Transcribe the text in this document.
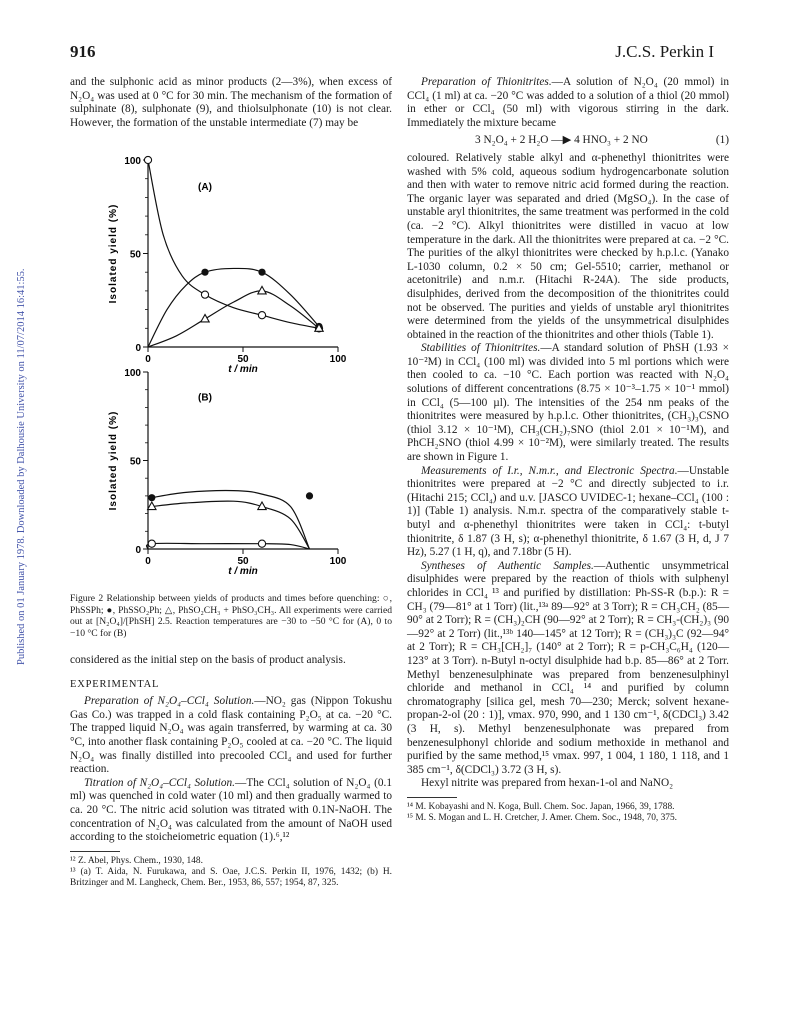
916	J.C.S. Perkin I
Published on 01 January 1978. Downloaded by Dalhousie University on 11/07/2014 16:41:55.

and the sulphonic acid as minor products (2—3%), when excess of N₂O₄ was used at 0 °C for 30 min. The mechanism of the formation of sulphinate (8), sulphonate (9), and thiolsulphonate (10) is not clear. However, the formation of the unstable intermediate (7) may be

0
50
100
0	50	100
t / min
Isolated yield (%)
(A)
0
50
100
0	50	100
t / min
Isolated yield (%)
(B)

Figure 2 Relationship between yields of products and times before quenching: ○, PhSSPh; ●, PhSSO₂Ph; △, PhSO₂CH₃ + PhSO₃CH₃. All experiments were carried out at [N₂O₄]/[PhSH] 2.5. Reaction temperatures are −30 to −50 °C for (A), 0 to −10 °C for (B)

considered as the initial step on the basis of product analysis.

EXPERIMENTAL

Preparation of N₂O₄–CCl₄ Solution.—NO₂ gas (Nippon Tokushu Gas Co.) was trapped in a cold flask containing P₂O₅ at ca. −20 °C. The trapped liquid N₂O₄ was again transferred, by warming at ca. 30 °C, into another flask containing P₂O₅ cooled at ca. −20 °C. The liquid N₂O₄ was finally distilled into precooled CCl₄ and used for further reaction.

Titration of N₂O₄–CCl₄ Solution.—The CCl₄ solution of N₂O₄ (0.1 ml) was quenched in cold water (10 ml) and then gradually warmed to ca. 20 °C. The nitric acid solution was titrated with 0.1N-NaOH. The concentration of N₂O₄ was calculated from the amount of NaOH used according to the stoicheiometric equation (1).⁶,¹²

¹² Z. Abel, Phys. Chem., 1930, 148.

¹³ (a) T. Aida, N. Furukawa, and S. Oae, J.C.S. Perkin II, 1976, 1432; (b) H. Britzinger and M. Langheck, Chem. Ber., 1953, 86, 557; 1954, 87, 325.

Preparation of Thionitrites.—A solution of N₂O₄ (20 mmol) in CCl₄ (1 ml) at ca. −20 °C was added to a solution of a thiol (20 mmol) in ether or CCl₄ (50 ml) with vigorous stirring in the dark. Immediately the mixture became

3 N₂O₄ + 2 H₂O —▶ 4 HNO₃ + 2 NO	(1)

coloured. Relatively stable alkyl and α-phenethyl thionitrites were washed with 5% cold, aqueous sodium hydrogencarbonate solution and then with water to remove nitric acid formed during the reaction. The organic layer was separated and dried (MgSO₄). In the case of unstable aryl thionitrites, the same treatment was performed in the cold (ca. −2 °C). Alkyl thionitrites were distilled in vacuo at low temperature in the dark. All the thionitrites were prepared at ca. −2 °C. The purities of the alkyl thionitrites were checked by h.p.l.c. (Yanako L-1030 column, 0.2 × 50 cm; Gel-5510; carrier, methanol or acetonitrile) and n.m.r. (Hitachi R-24A). The side products, disulphides, derived from the decomposition of the thionitrites could not be observed. The purities and yields of unstable aryl thionitrites were determined from the yields of the unsymmetrical disulphides obtained in the reaction of the thionitrites and other thiols (Table 1).

Stabilities of Thionitrites.—A standard solution of PhSH (1.93 × 10⁻²M) in CCl₄ (100 ml) was divided into 5 ml portions which were then cooled to ca. −10 °C. Each portion was reacted with N₂O₄ solutions of different concentrations (8.75 × 10⁻³–1.75 × 10⁻¹ mmol) in CCl₄ (5—100 µl). The intensities of the 254 nm peaks of the thionitrites were measured by h.p.l.c. Other thionitrites, (CH₃)₃CSNO (thiol 3.12 × 10⁻¹M), CH₃(CH₂)₇SNO (thiol 2.01 × 10⁻¹M), and PhCH₂SNO (thiol 4.99 × 10⁻²M), were similarly treated. The results are shown in Figure 1.

Measurements of I.r., N.m.r., and Electronic Spectra.—Unstable thionitrites were prepared at −2 °C and directly subjected to i.r. (Hitachi 215; CCl₄) and u.v. [JASCO UVIDEC-1; hexane–CCl₄ (100 : 1)] (Table 1) analysis. N.m.r. spectra of the comparatively stable t-butyl and α-phenethyl thionitrites were taken in CCl₄: t-butyl thionitrite, δ 1.87 (3 H, s); α-phenethyl thionitrite, δ 1.67 (3 H, d, J 7 Hz), 5.27 (1 H, q), and 7.18br (5 H).

Syntheses of Authentic Samples.—Authentic unsymmetrical disulphides were prepared by the reaction of thiols with sulphenyl chlorides in CCl₄ ¹³ and purified by distillation: Ph-SS-R (b.p.): R = CH₃ (79—81° at 1 Torr) (lit.,¹³ᵃ 89—92° at 3 Torr); R = CH₃CH₂ (85—90° at 2 Torr); R = (CH₃)₂CH (90—92° at 2 Torr); R = CH₃-(CH₂)₃ (90—92° at 2 Torr) (lit.,¹³ᵇ 140—145° at 12 Torr); R = (CH₃)₃C (92—94° at 2 Torr); R = CH₃[CH₂]₇ (140° at 2 Torr); R = p-CH₃C₆H₄ (120—123° at 3 Torr). n-Butyl n-octyl disulphide had b.p. 85—86° at 2 Torr. Methyl benzenesulphinate was prepared from benzenesulphinyl chloride and methanol in CCl₄ ¹⁴ and purified by column chromatography [silica gel, mesh 70—230; Merck; solvent hexane-propan-2-ol (20 : 1)], νmax. 970, 990, and 1 130 cm⁻¹, δ(CDCl₃) 3.42 (3 H, s). Methyl benzenesulphonate was prepared from benzenesulphonyl chloride and sodium methoxide in methanol and purified by the same method,¹⁵ νmax. 997, 1 004, 1 180, 1 118, and 1 385 cm⁻¹, δ(CDCl₃) 3.72 (3 H, s).

Hexyl nitrite was prepared from hexan-1-ol and NaNO₂

¹⁴ M. Kobayashi and N. Koga, Bull. Chem. Soc. Japan, 1966, 39, 1788.

¹⁵ M. S. Mogan and L. H. Cretcher, J. Amer. Chem. Soc., 1948, 70, 375.
